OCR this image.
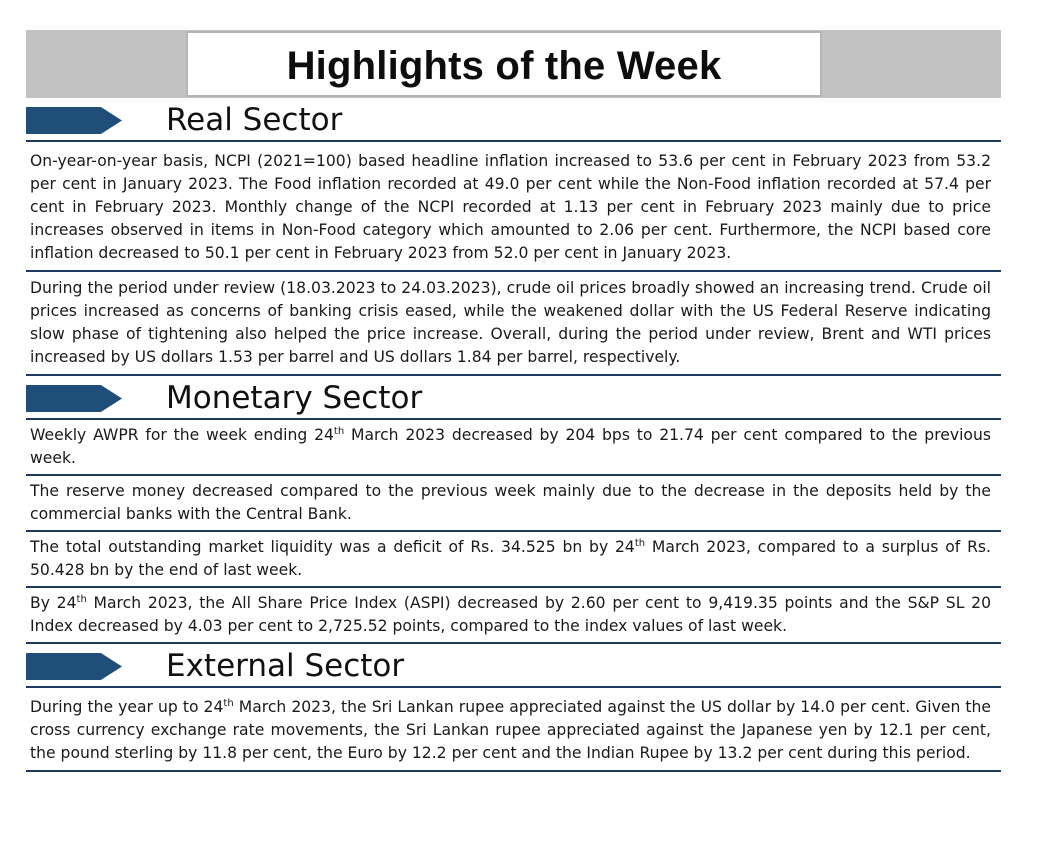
Highlights of the Week
Real Sector
On-year-on-year basis, NCPI (2021=100) based headline inflation increased to 53.6 per cent in February 2023 from 53.2 per cent in January 2023. The Food inflation recorded at 49.0 per cent while the Non-Food inflation recorded at 57.4 per cent in February 2023. Monthly change of the NCPI recorded at 1.13 per cent in February 2023 mainly due to price increases observed in items in Non-Food category which amounted to 2.06 per cent. Furthermore, the NCPI based core inflation decreased to 50.1 per cent in February 2023 from 52.0 per cent in January 2023.
During the period under review (18.03.2023 to 24.03.2023), crude oil prices broadly showed an increasing trend. Crude oil prices increased as concerns of banking crisis eased, while the weakened dollar with the US Federal Reserve indicating slow phase of tightening also helped the price increase. Overall, during the period under review, Brent and WTI prices increased by US dollars 1.53 per barrel and US dollars 1.84 per barrel, respectively.
Monetary Sector
Weekly AWPR for the week ending 24th March 2023 decreased by 204 bps to 21.74 per cent compared to the previous week.
The reserve money decreased compared to the previous week mainly due to the decrease in the deposits held by the commercial banks with the Central Bank.
The total outstanding market liquidity was a deficit of Rs. 34.525 bn by 24th March 2023, compared to a surplus of Rs. 50.428 bn by the end of last week.
By 24th March 2023, the All Share Price Index (ASPI) decreased by 2.60 per cent to 9,419.35 points and the S&P SL 20 Index decreased by 4.03 per cent to 2,725.52 points, compared to the index values of last week.
External Sector
During the year up to 24th March 2023, the Sri Lankan rupee appreciated against the US dollar by 14.0 per cent. Given the cross currency exchange rate movements, the Sri Lankan rupee appreciated against the Japanese yen by 12.1 per cent, the pound sterling by 11.8 per cent, the Euro by 12.2 per cent and the Indian Rupee by 13.2 per cent during this period.
